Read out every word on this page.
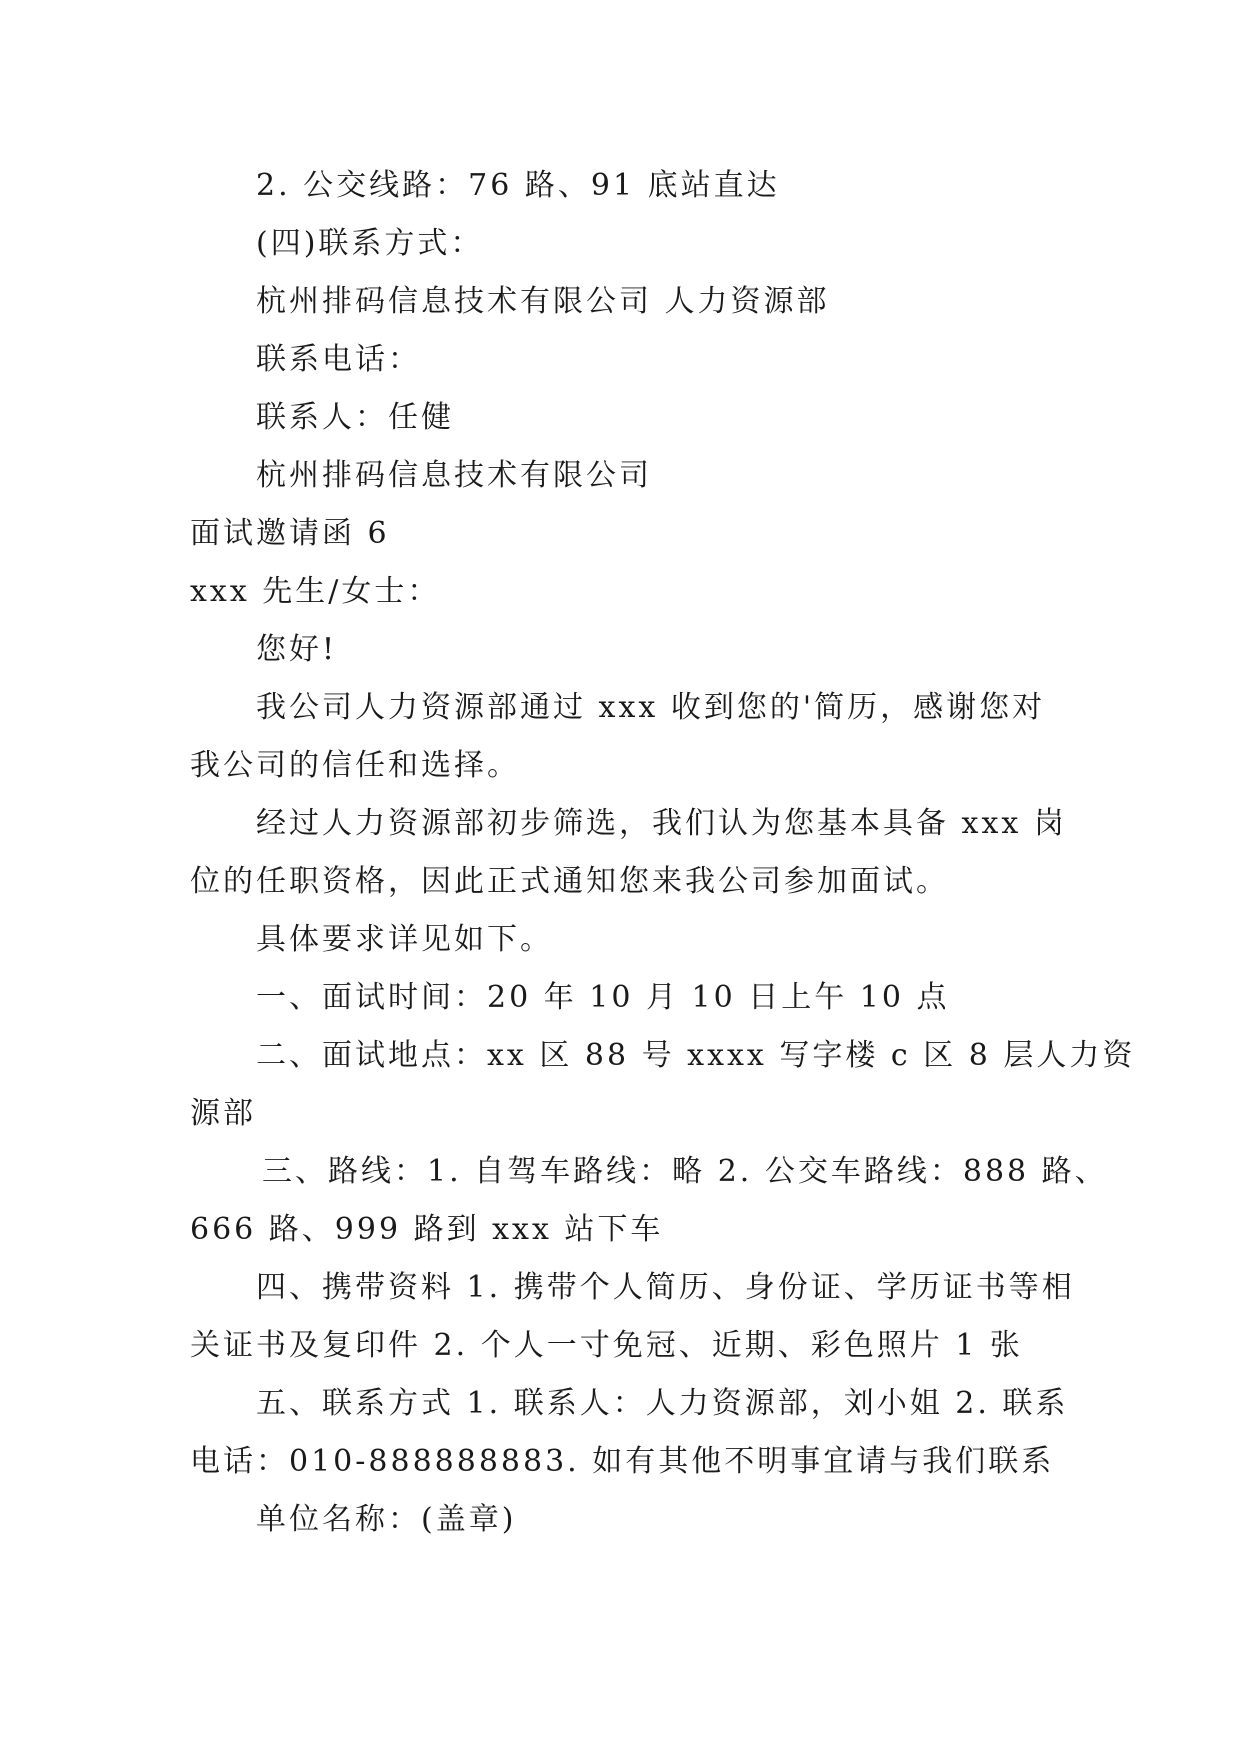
2. 公交线路：76 路、91 底站直达
(四)联系方式：
杭州排码信息技术有限公司 人力资源部
联系电话：
联系人：任健
杭州排码信息技术有限公司
面试邀请函 6
xxx 先生/女士：
您好!
我公司人力资源部通过 xxx 收到您的'简历，感谢您对
我公司的信任和选择。
经过人力资源部初步筛选，我们认为您基本具备 xxx 岗
位的任职资格，因此正式通知您来我公司参加面试。
具体要求详见如下。
一、面试时间：20 年 10 月 10 日上午 10 点
二、面试地点：xx 区 88 号 xxxx 写字楼 c 区 8 层人力资
源部
三、路线：1. 自驾车路线：略 2. 公交车路线：888 路、
666 路、999 路到 xxx 站下车
四、携带资料 1. 携带个人简历、身份证、学历证书等相
关证书及复印件 2. 个人一寸免冠、近期、彩色照片 1 张
五、联系方式 1. 联系人：人力资源部，刘小姐 2. 联系
电话：010-888888883. 如有其他不明事宜请与我们联系
单位名称：(盖章)
